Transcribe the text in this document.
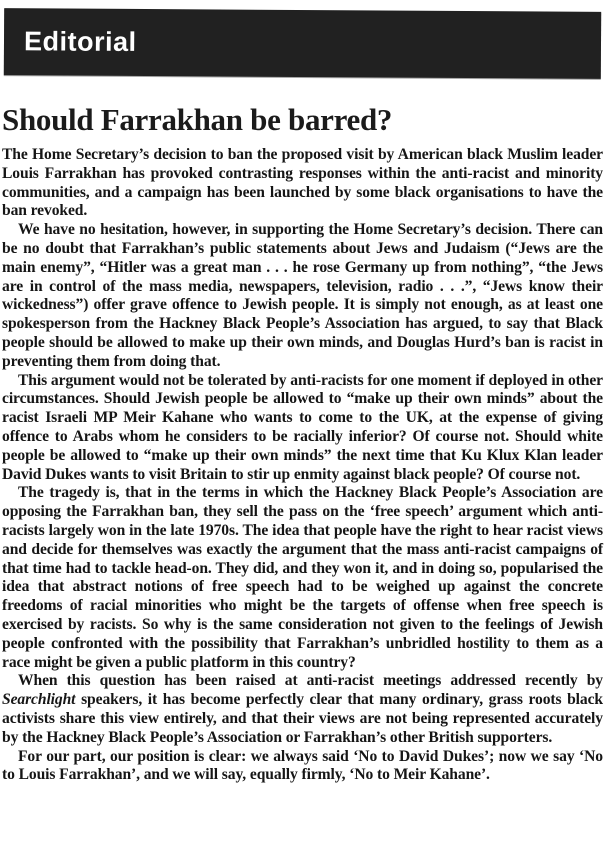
Editorial
Should Farrakhan be barred?

The Home Secretary’s decision to ban the proposed visit by American black Muslim leader Louis Farrakhan has provoked contrasting responses within the anti-racist and minority communities, and a campaign has been launched by some black organisations to have the ban revoked.

We have no hesitation, however, in supporting the Home Secretary’s decision. There can be no doubt that Farrakhan’s public statements about Jews and Judaism (“Jews are the main enemy”, “Hitler was a great man . . . he rose Germany up from nothing”, “the Jews are in control of the mass media, newspapers, television, radio . . .”, “Jews know their wickedness”) offer grave offence to Jewish people. It is simply not enough, as at least one spokesperson from the Hackney Black People’s Association has argued, to say that Black people should be allowed to make up their own minds, and Douglas Hurd’s ban is racist in preventing them from doing that.

This argument would not be tolerated by anti-racists for one moment if deployed in other circumstances. Should Jewish people be allowed to “make up their own minds” about the racist Israeli MP Meir Kahane who wants to come to the UK, at the expense of giving offence to Arabs whom he considers to be racially inferior? Of course not. Should white people be allowed to “make up their own minds” the next time that Ku Klux Klan leader David Dukes wants to visit Britain to stir up enmity against black people? Of course not.

The tragedy is, that in the terms in which the Hackney Black People’s Association are opposing the Farrakhan ban, they sell the pass on the ‘free speech’ argument which anti-racists largely won in the late 1970s. The idea that people have the right to hear racist views and decide for themselves was exactly the argument that the mass anti-racist campaigns of that time had to tackle head-on. They did, and they won it, and in doing so, popularised the idea that abstract notions of free speech had to be weighed up against the concrete freedoms of racial minorities who might be the targets of offense when free speech is exercised by racists. So why is the same consideration not given to the feelings of Jewish people confronted with the possibility that Farrakhan’s unbridled hostility to them as a race might be given a public platform in this country?

When this question has been raised at anti-racist meetings addressed recently by Searchlight speakers, it has become perfectly clear that many ordinary, grass roots black activists share this view entirely, and that their views are not being represented accurately by the Hackney Black People’s Association or Farrakhan’s other British supporters.

For our part, our position is clear: we always said ‘No to David Dukes’; now we say ‘No to Louis Farrakhan’, and we will say, equally firmly, ‘No to Meir Kahane’.
